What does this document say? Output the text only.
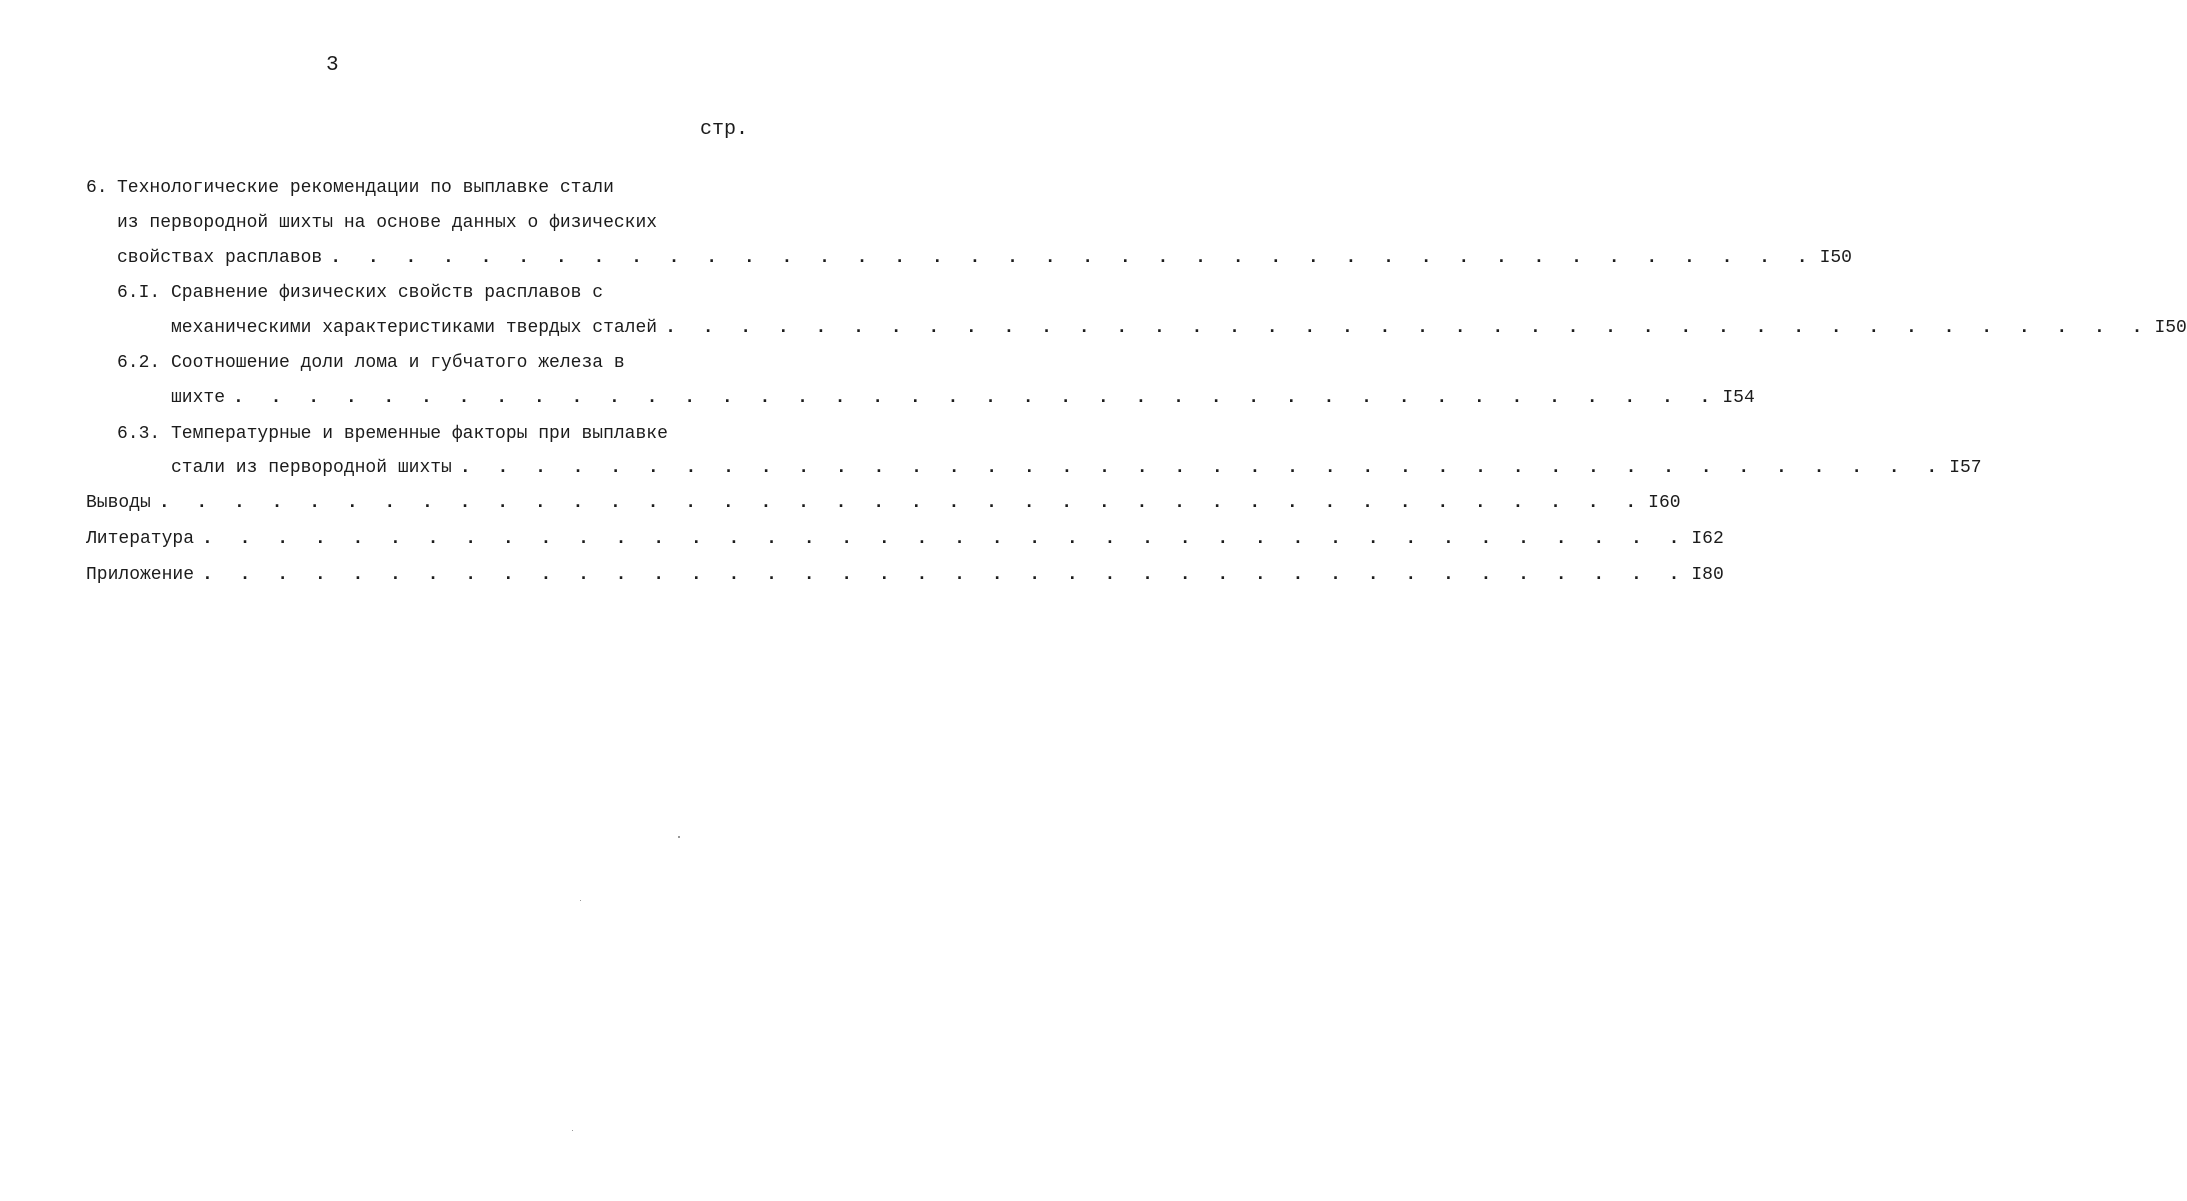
3
стр.
6. Технологические рекомендации по выплавке стали
из первородной шихты на основе данных о физических
свойствах расплавов . . . . . . . . . . . . . . . . . . . . . . . . . . . . . . . . . . . . . . . . I50
6.I. Сравнение физических свойств расплавов с
механическими характеристиками твердых сталей . . . . . . . . . . . . . . . . . . . . . . . . . . . . . . . . . . . . . . . . I50
6.2. Соотношение доли лома и губчатого железа в
шихте . . . . . . . . . . . . . . . . . . . . . . . . . . . . . . . . . . . . . . . . I54
6.3. Температурные и временные факторы при выплавке
стали из первородной шихты . . . . . . . . . . . . . . . . . . . . . . . . . . . . . . . . . . . . . . . . I57
Выводы . . . . . . . . . . . . . . . . . . . . . . . . . . . . . . . . . . . . . . . . I60
Литература . . . . . . . . . . . . . . . . . . . . . . . . . . . . . . . . . . . . . . . . I62
Приложение . . . . . . . . . . . . . . . . . . . . . . . . . . . . . . . . . . . . . . . . I80
